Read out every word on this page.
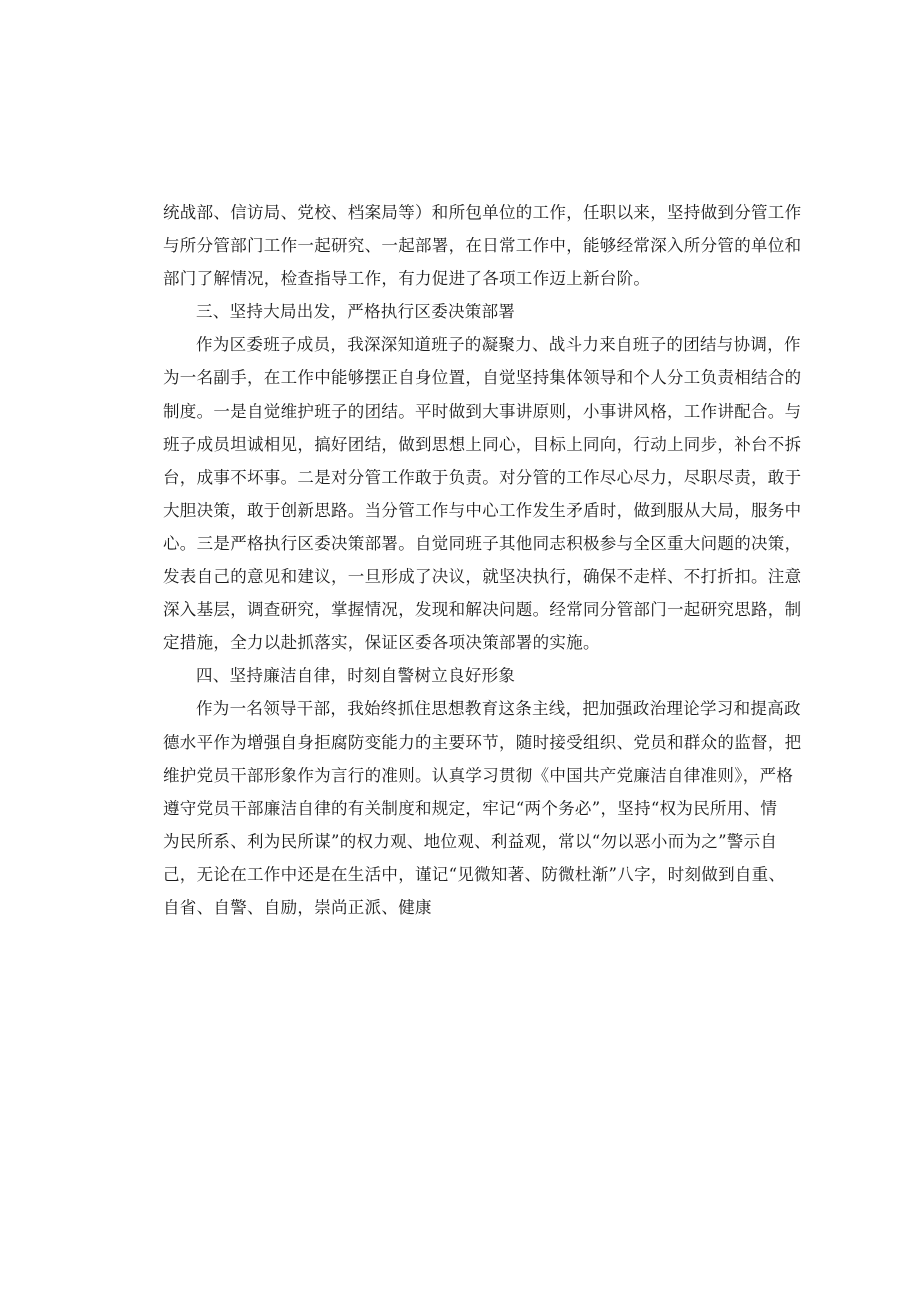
统战部、信访局、党校、档案局等）和所包单位的工作，任职以来，坚持做到分管工作
与所分管部门工作一起研究、一起部署，在日常工作中，能够经常深入所分管的单位和
部门了解情况，检查指导工作，有力促进了各项工作迈上新台阶。
三、坚持大局出发，严格执行区委决策部署
作为区委班子成员，我深深知道班子的凝聚力、战斗力来自班子的团结与协调，作
为一名副手，在工作中能够摆正自身位置，自觉坚持集体领导和个人分工负责相结合的
制度。一是自觉维护班子的团结。平时做到大事讲原则，小事讲风格，工作讲配合。与
班子成员坦诚相见，搞好团结，做到思想上同心，目标上同向，行动上同步，补台不拆
台，成事不坏事。二是对分管工作敢于负责。对分管的工作尽心尽力，尽职尽责，敢于
大胆决策，敢于创新思路。当分管工作与中心工作发生矛盾时，做到服从大局，服务中
心。三是严格执行区委决策部署。自觉同班子其他同志积极参与全区重大问题的决策，
发表自己的意见和建议，一旦形成了决议，就坚决执行，确保不走样、不打折扣。注意
深入基层，调查研究，掌握情况，发现和解决问题。经常同分管部门一起研究思路，制
定措施，全力以赴抓落实，保证区委各项决策部署的实施。
四、坚持廉洁自律，时刻自警树立良好形象
作为一名领导干部，我始终抓住思想教育这条主线，把加强政治理论学习和提高政
德水平作为增强自身拒腐防变能力的主要环节，随时接受组织、党员和群众的监督，把
维护党员干部形象作为言行的准则。认真学习贯彻《中国共产党廉洁自律准则》，严格
遵守党员干部廉洁自律的有关制度和规定，牢记“两个务必”，坚持“权为民所用、情
为民所系、利为民所谋”的权力观、地位观、利益观，常以“勿以恶小而为之”警示自
己，无论在工作中还是在生活中，谨记“见微知著、防微杜渐”八字，时刻做到自重、
自省、自警、自励，崇尚正派、健康
